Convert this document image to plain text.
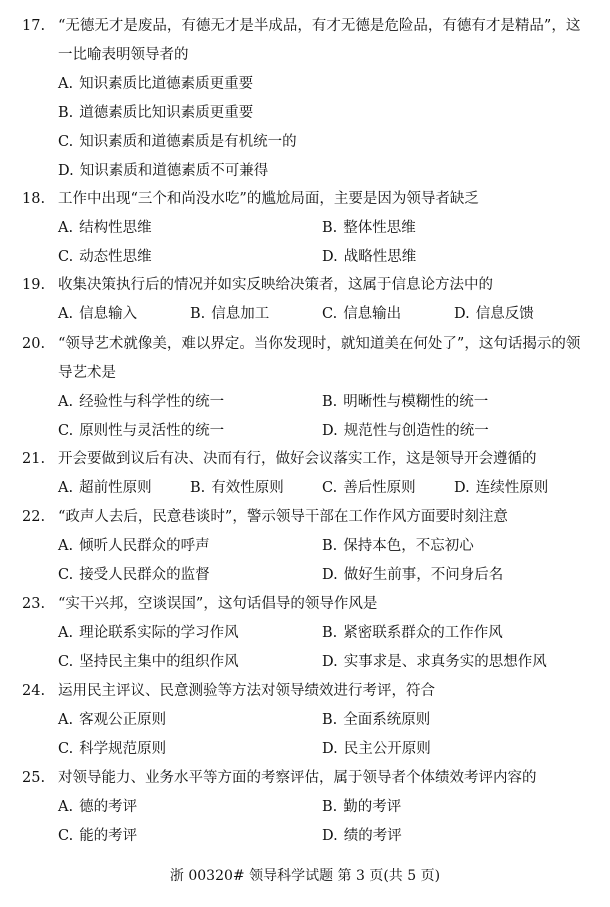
17. “无德无才是废品，有德无才是半成品，有才无德是危险品，有德有才是精品”，这
一比喻表明领导者的
A. 知识素质比道德素质更重要
B. 道德素质比知识素质更重要
C. 知识素质和道德素质是有机统一的
D. 知识素质和道德素质不可兼得
18. 工作中出现“三个和尚没水吃”的尴尬局面，主要是因为领导者缺乏
A. 结构性思维	B. 整体性思维
C. 动态性思维	D. 战略性思维
19. 收集决策执行后的情况并如实反映给决策者，这属于信息论方法中的
A. 信息输入	B. 信息加工	C. 信息输出	D. 信息反馈
20. “领导艺术就像美，难以界定。当你发现时，就知道美在何处了”，这句话揭示的领
导艺术是
A. 经验性与科学性的统一	B. 明晰性与模糊性的统一
C. 原则性与灵活性的统一	D. 规范性与创造性的统一
21. 开会要做到议后有决、决而有行，做好会议落实工作，这是领导开会遵循的
A. 超前性原则	B. 有效性原则	C. 善后性原则	D. 连续性原则
22. “政声人去后，民意巷谈时”，警示领导干部在工作作风方面要时刻注意
A. 倾听人民群众的呼声	B. 保持本色，不忘初心
C. 接受人民群众的监督	D. 做好生前事，不问身后名
23. “实干兴邦，空谈误国”，这句话倡导的领导作风是
A. 理论联系实际的学习作风	B. 紧密联系群众的工作作风
C. 坚持民主集中的组织作风	D. 实事求是、求真务实的思想作风
24. 运用民主评议、民意测验等方法对领导绩效进行考评，符合
A. 客观公正原则	B. 全面系统原则
C. 科学规范原则	D. 民主公开原则
25. 对领导能力、业务水平等方面的考察评估，属于领导者个体绩效考评内容的
A. 德的考评	B. 勤的考评
C. 能的考评	D. 绩的考评
浙 00320# 领导科学试题 第 3 页(共 5 页)
